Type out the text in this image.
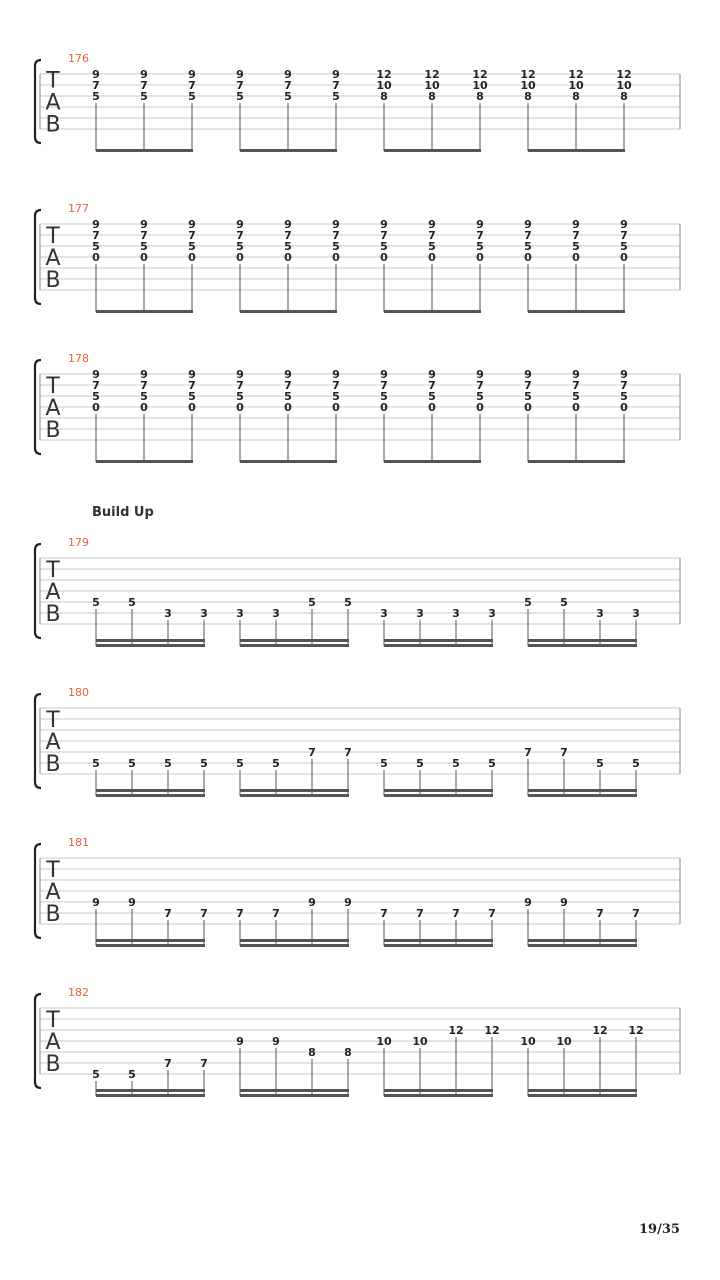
176
T
A
B
9
7
5
9
7
5
9
7
5
9
7
5
9
7
5
9
7
5
12
10
8
12
10
8
12
10
8
12
10
8
12
10
8
12
10
8
177
T
A
B
9
7
5
0
9
7
5
0
9
7
5
0
9
7
5
0
9
7
5
0
9
7
5
0
9
7
5
0
9
7
5
0
9
7
5
0
9
7
5
0
9
7
5
0
9
7
5
0
178
T
A
B
9
7
5
0
9
7
5
0
9
7
5
0
9
7
5
0
9
7
5
0
9
7
5
0
9
7
5
0
9
7
5
0
9
7
5
0
9
7
5
0
9
7
5
0
9
7
5
0
179
T
A
B	5	5
3	3	3	3
5	5
3	3	3	3
5	5
3	3
180
T
A
B	5	5	5	5	5	5
7	7
5	5	5	5
7	7
5	5
181
T
A
B	9	9
7	7	7	7
9	9
7	7	7	7
9	9
7	7
182
T
A
B	5	5
7	7
9	9
8	8
10 10
12 12
10 10
12 12
Build Up
19/35
